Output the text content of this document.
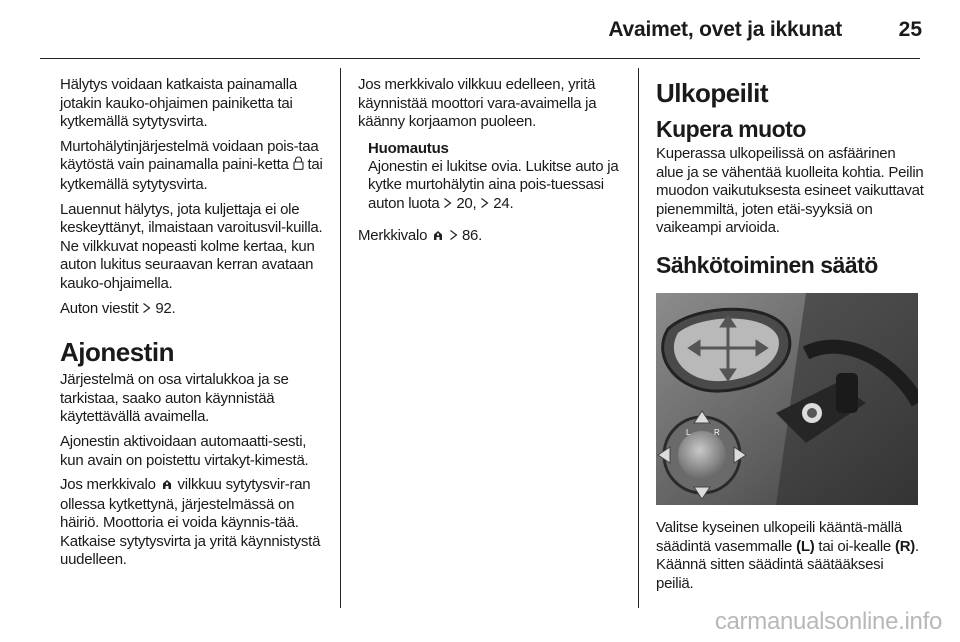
Avaimet, ovet ja ikkunat	25

Hälytys voidaan katkaista painamalla jotakin kauko-ohjaimen painiketta tai kytkemällä sytytysvirta.

Murtohälytinjärjestelmä voidaan pois-taa käytöstä vain painamalla paini-ketta tai kytkemällä sytytysvirta.

Lauennut hälytys, jota kuljettaja ei ole keskeyttänyt, ilmaistaan varoitusvil-kuilla. Ne vilkkuvat nopeasti kolme kertaa, kun auton lukitus seuraavan kerran avataan kauko-ohjaimella.

Auton viestit 92.

Ajonestin

Järjestelmä on osa virtalukkoa ja se tarkistaa, saako auton käynnistää käytettävällä avaimella.

Ajonestin aktivoidaan automaatti-sesti, kun avain on poistettu virtakyt-kimestä.

Jos merkkivalo vilkkuu sytytysvir-ran ollessa kytkettynä, järjestelmässä on häiriö. Moottoria ei voida käynnis-tää. Katkaise sytytysvirta ja yritä käynnistystä uudelleen.

Jos merkkivalo vilkkuu edelleen, yritä käynnistää moottori vara-avaimella ja käänny korjaamon puoleen.

Huomautus

Ajonestin ei lukitse ovia. Lukitse auto ja kytke murtohälytin aina pois-tuessasi auton luota 20, 24.

Merkkivalo 86.

Ulkopeilit
Kupera muoto

Kuperassa ulkopeilissä on asfäärinen alue ja se vähentää kuolleita kohtia. Peilin muodon vaikutuksesta esineet vaikuttavat pienemmiltä, joten etäi-syyksiä on vaikeampi arvioida.

Sähkötoiminen säätö
L	R

Valitse kyseinen ulkopeili kääntä-mällä säädintä vasemmalle (L) tai oi-kealle (R). Käännä sitten säädintä säätääksesi peiliä.

carmanualsonline.info
